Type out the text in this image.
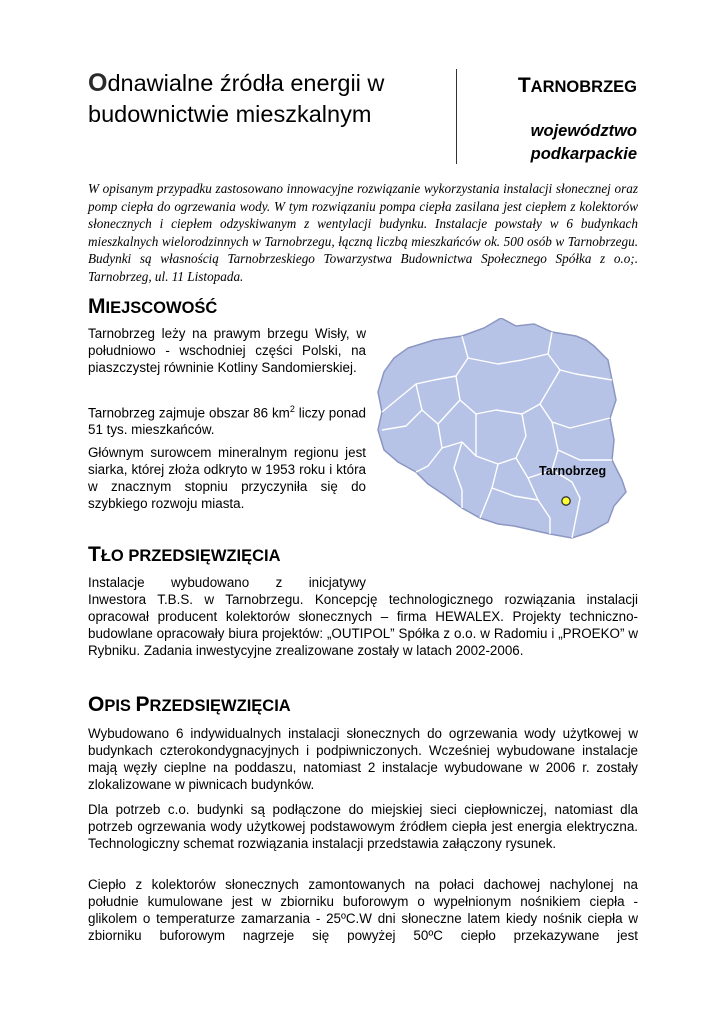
Odnawialne źródła energii w budownictwie mieszkalnym
TARNOBRZEG
województwo podkarpackie
W opisanym przypadku zastosowano innowacyjne rozwiązanie wykorzystania instalacji słonecznej oraz pomp ciepła do ogrzewania wody. W tym rozwiązaniu pompa ciepła zasilana jest ciepłem z kolektorów słonecznych i ciepłem odzyskiwanym z wentylacji budynku. Instalacje powstały w 6 budynkach mieszkalnych wielorodzinnych w Tarnobrzegu, łączną liczbą mieszkańców ok. 500 osób w Tarnobrzegu. Budynki są własnością Tarnobrzeskiego Towarzystwa Budownictwa Społecznego Spółka z o.o;. Tarnobrzeg, ul. 11 Listopada.
MIEJSCOWOŚĆ

Tarnobrzeg leży na prawym brzegu Wisły, w południowo - wschodniej części Polski, na piaszczystej równinie Kotliny Sandomierskiej.

Tarnobrzeg zajmuje obszar 86 $km^2$ liczy ponad 51 tys. mieszkańców.

Głównym surowcem mineralnym regionu jest siarka, której złoża odkryto w 1953 roku i która w znacznym stopniu przyczyniła się do szybkiego rozwoju miasta.

Tarnobrzeg
TŁO PRZEDSIĘWZIĘCIA

Instalacje wybudowano z inicjatywy

Inwestora T.B.S. w Tarnobrzegu. Koncepcję technologicznego rozwiązania instalacji opracował producent kolektorów słonecznych – firma HEWALEX. Projekty techniczno-budowlane opracowały biura projektów: „OUTIPOL” Spółka z o.o. w Radomiu i „PROEKO” w Rybniku. Zadania inwestycyjne zrealizowane zostały w latach 2002-2006.

OPIS PRZEDSIĘWZIĘCIA

Wybudowano 6 indywidualnych instalacji słonecznych do ogrzewania wody użytkowej w budynkach czterokondygnacyjnych i podpiwniczonych. Wcześniej wybudowane instalacje mają węzły cieplne na poddaszu, natomiast 2 instalacje wybudowane w 2006 r. zostały zlokalizowane w piwnicach budynków.

Dla potrzeb c.o. budynki są podłączone do miejskiej sieci ciepłowniczej, natomiast dla potrzeb ogrzewania wody użytkowej podstawowym źródłem ciepła jest energia elektryczna. Technologiczny schemat rozwiązania instalacji przedstawia załączony rysunek.

Ciepło z kolektorów słonecznych zamontowanych na połaci dachowej nachylonej na południe kumulowane jest w zbiorniku buforowym o wypełnionym nośnikiem ciepła - glikolem o temperaturze zamarzania - 25ºC.W dni słoneczne latem kiedy nośnik ciepła w zbiorniku buforowym nagrzeje się powyżej 50ºC ciepło przekazywane jest
